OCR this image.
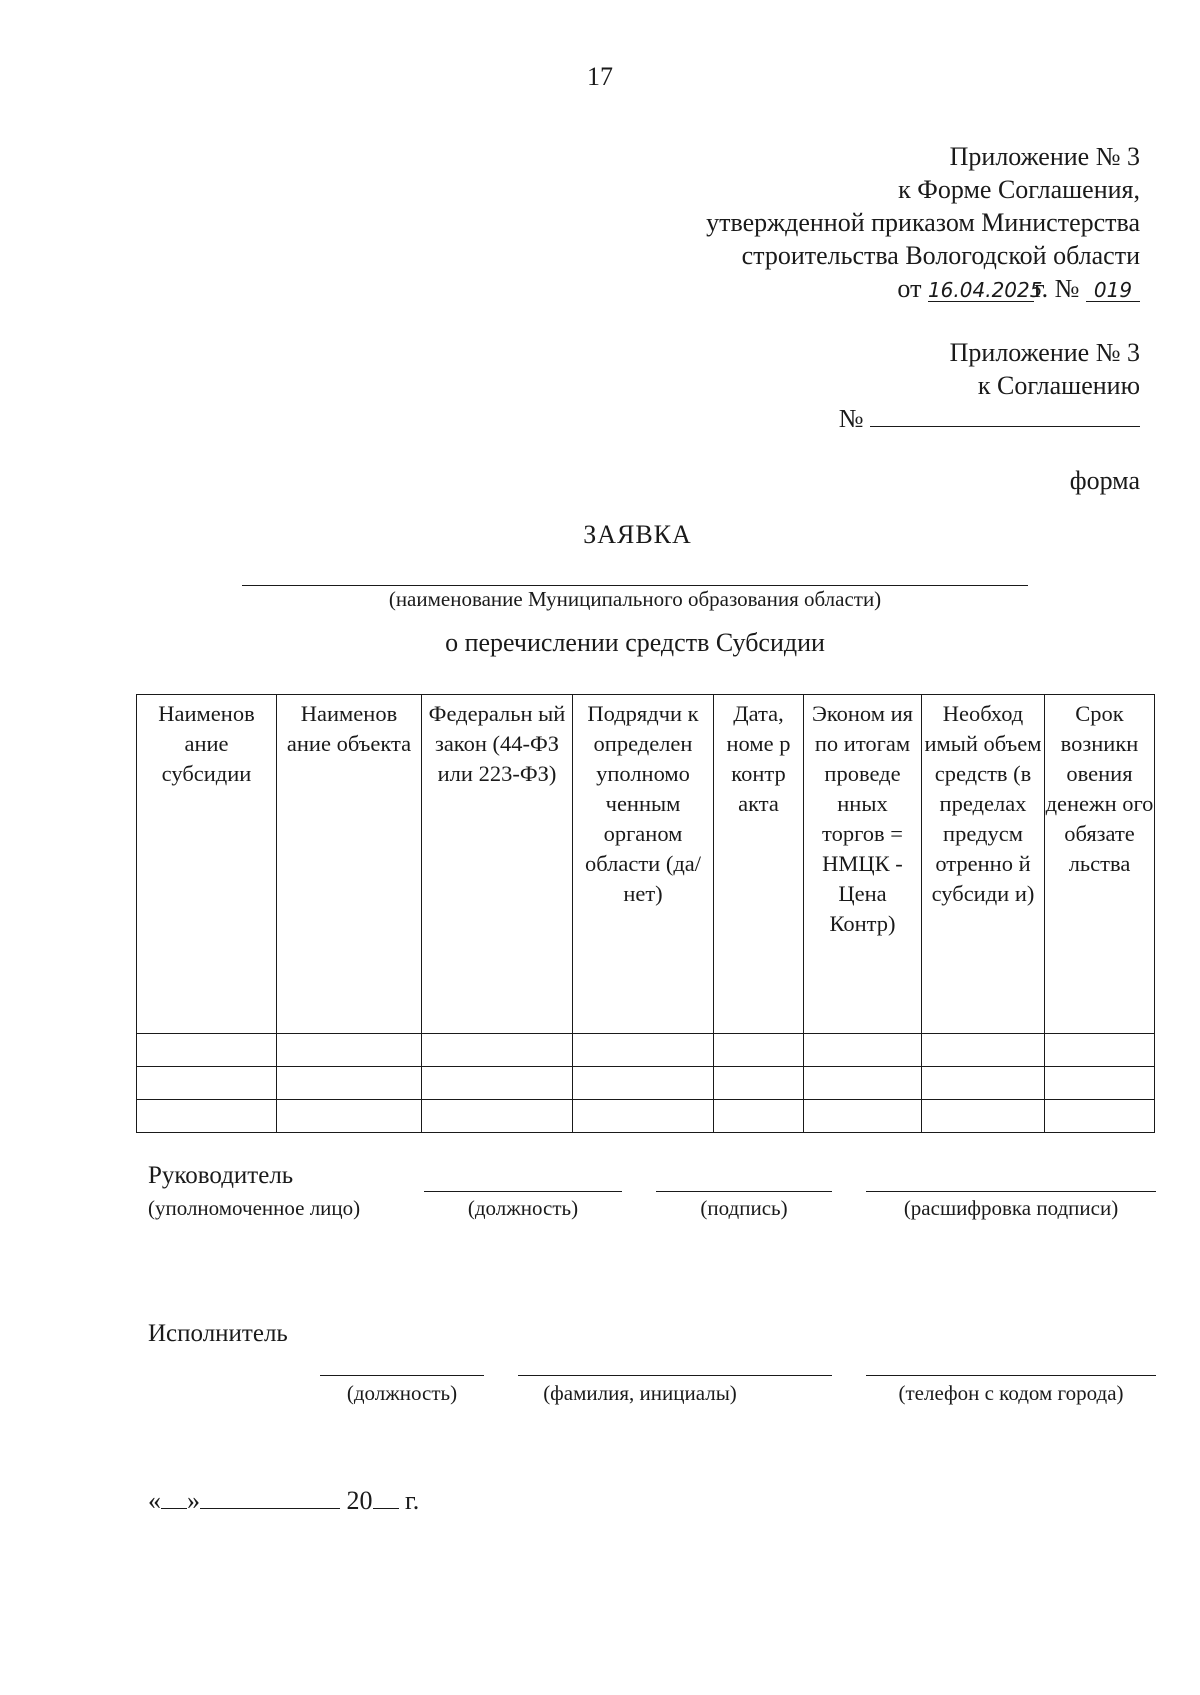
17
Приложение № 3
к Форме Соглашения,
утвержденной приказом Министерства
строительства Вологодской области
от 16.04.2025г. № 019
Приложение № 3
к Соглашению
№
форма
ЗАЯВКА
(наименование Муниципального образования области)
о перечислении средств Субсидии
Наименов ание субсидии	Наименов ание объекта	Федеральн ый закон (44-ФЗ или 223-ФЗ)	Подрядчи к определен уполномо ченным органом области (да/нет)	Дата, номе р контр акта	Эконом ия по итогам проведе нных торгов = НМЦК - Цена Контр)	Необход имый объем средств (в пределах предусм отренно й субсиди и)	Срок возникн овения денежн ого обязате льства

Руководитель
(уполномоченное лицо)	(должность)	(подпись)	(расшифровка подписи)
Исполнитель
(должность)	(фамилия, инициалы)	(телефон с кодом города)
« »	20 г.
